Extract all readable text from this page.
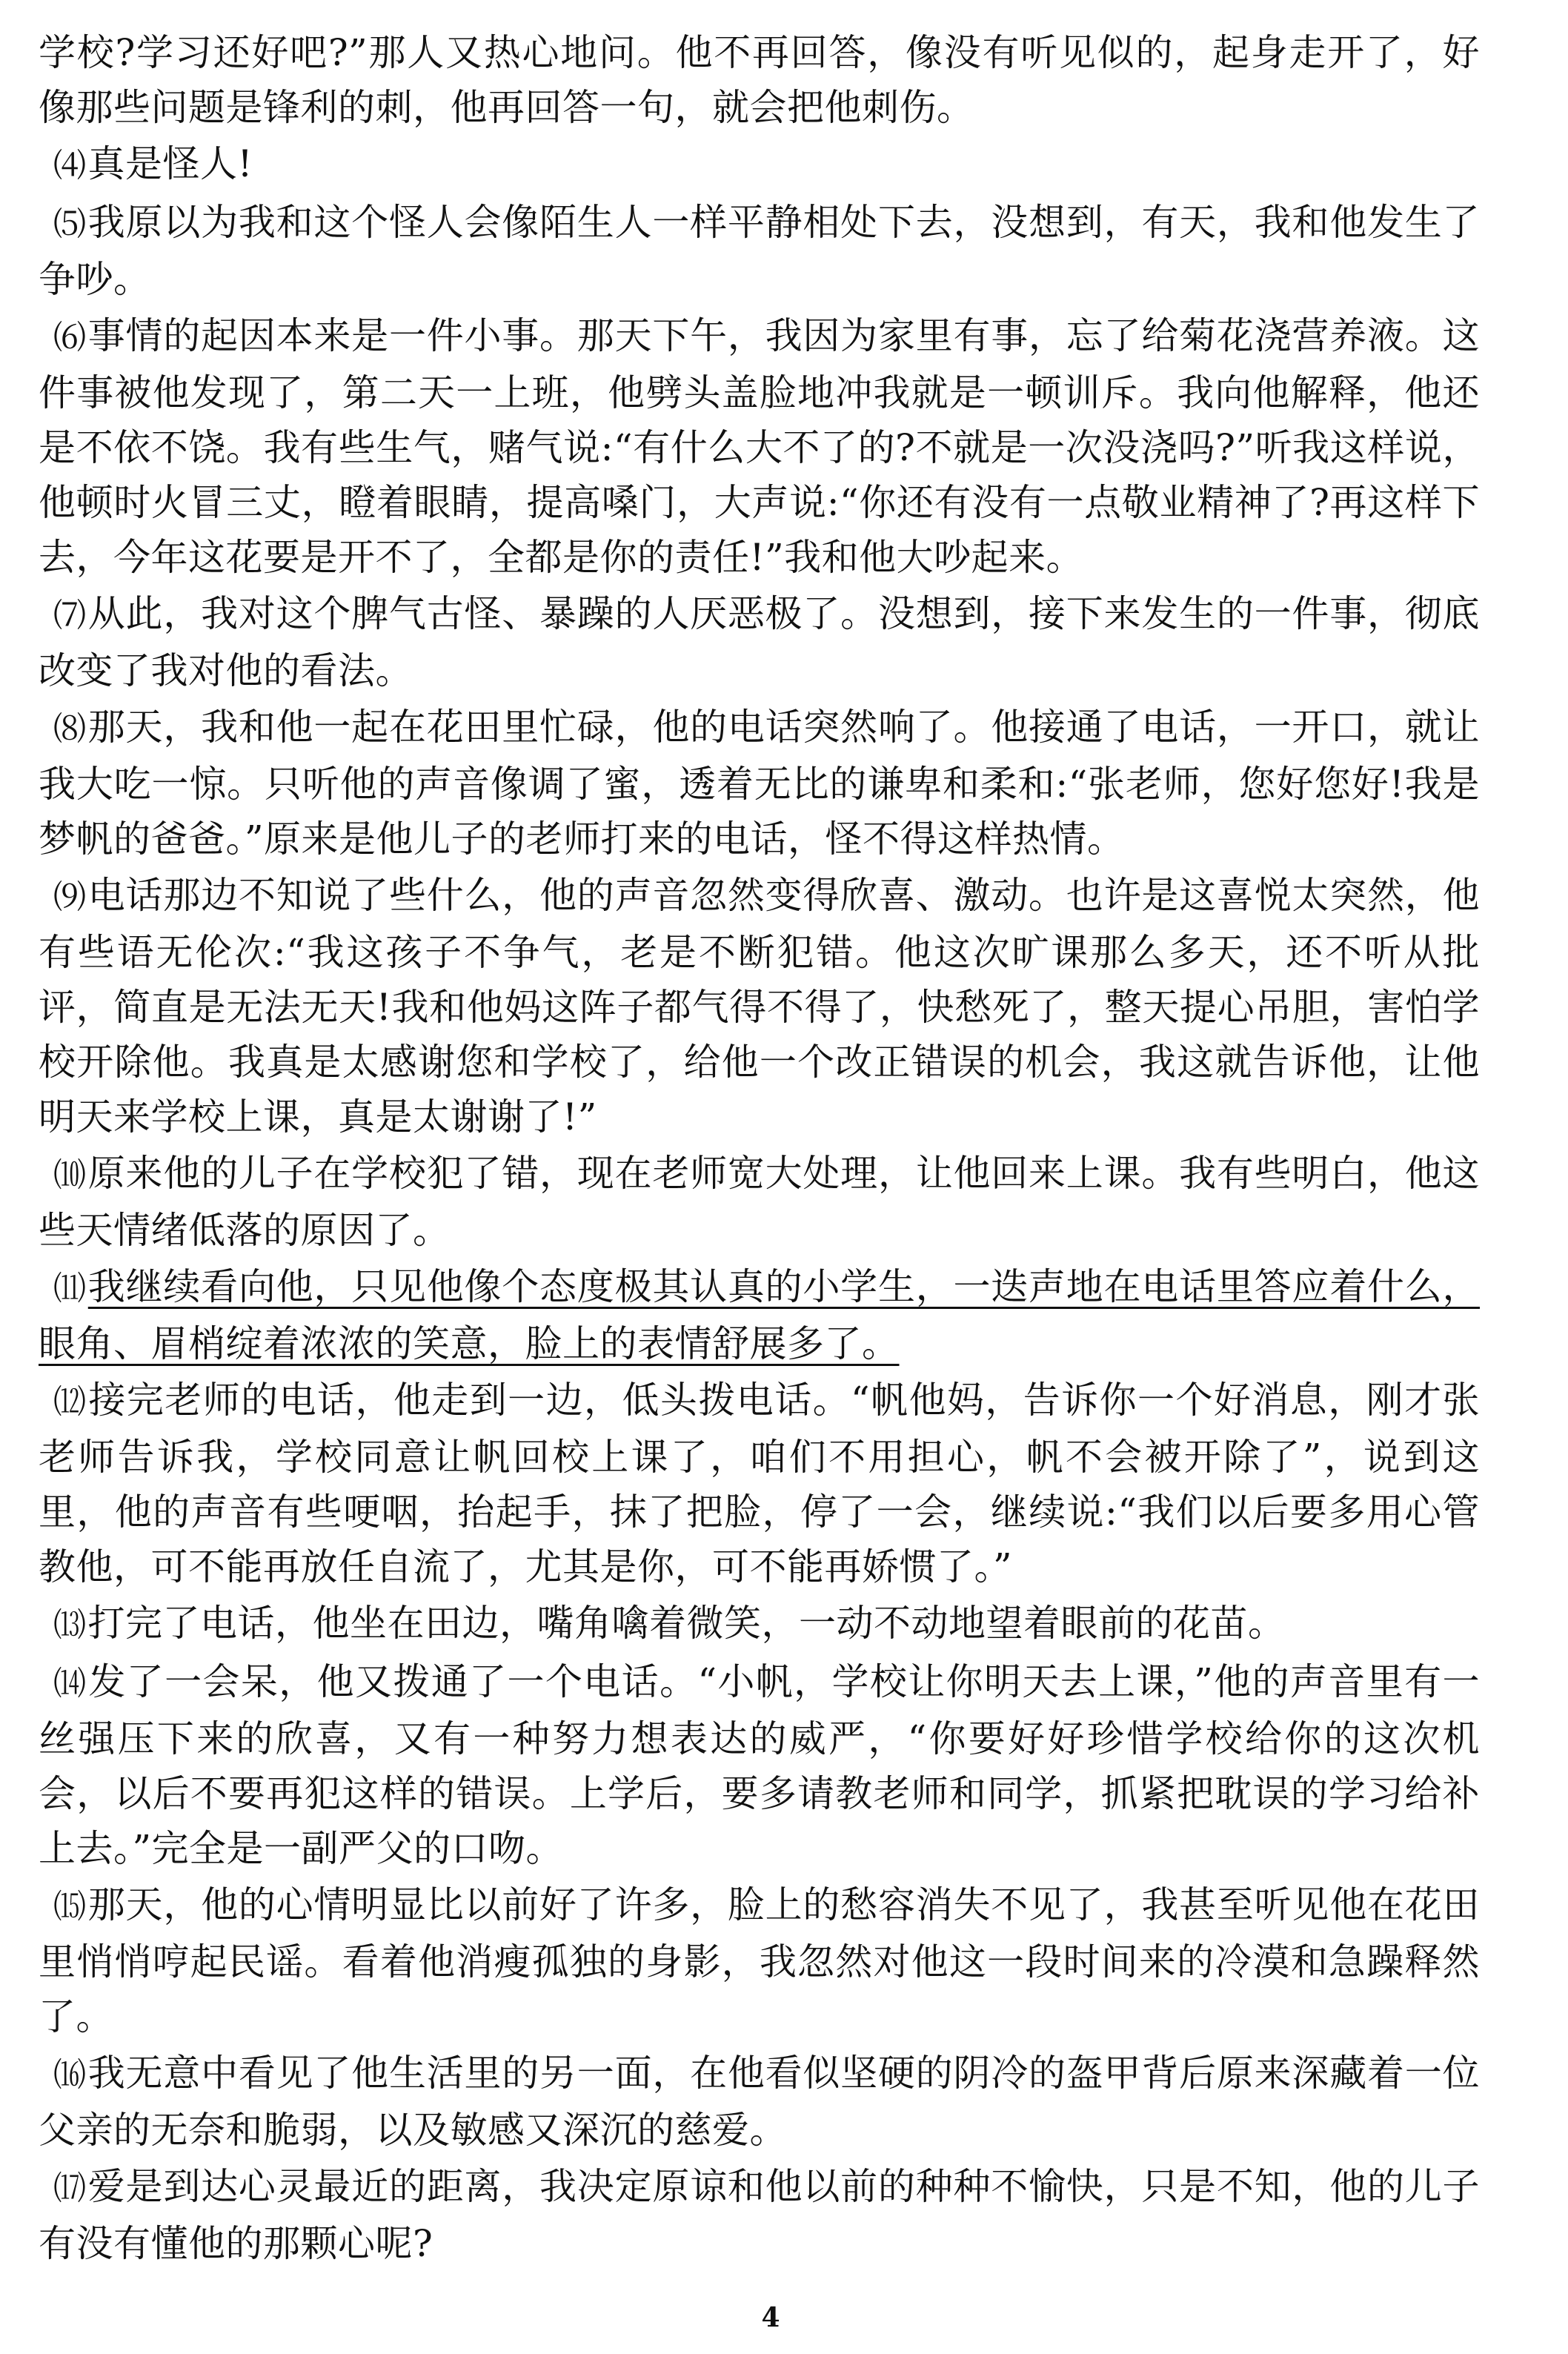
学校?学习还好吧?”那人又热心地问。他不再回答，像没有听见似的，起身走开了，好像那些问题是锋利的刺，他再回答一句，就会把他刺伤。

⑷真是怪人!

⑸我原以为我和这个怪人会像陌生人一样平静相处下去，没想到，有天，我和他发生了争吵。

⑹事情的起因本来是一件小事。那天下午，我因为家里有事，忘了给菊花浇营养液。这件事被他发现了，第二天一上班，他劈头盖脸地冲我就是一顿训斥。我向他解释，他还是不依不饶。我有些生气，赌气说:“有什么大不了的?不就是一次没浇吗?”听我这样说，他顿时火冒三丈，瞪着眼睛，提高嗓门，大声说:“你还有没有一点敬业精神了?再这样下去，今年这花要是开不了，全都是你的责任!”我和他大吵起来。

⑺从此，我对这个脾气古怪、暴躁的人厌恶极了。没想到，接下来发生的一件事，彻底改变了我对他的看法。

⑻那天，我和他一起在花田里忙碌，他的电话突然响了。他接通了电话，一开口，就让我大吃一惊。只听他的声音像调了蜜，透着无比的谦卑和柔和:“张老师，您好您好!我是梦帆的爸爸。”原来是他儿子的老师打来的电话，怪不得这样热情。

⑼电话那边不知说了些什么，他的声音忽然变得欣喜、激动。也许是这喜悦太突然，他有些语无伦次:“我这孩子不争气，老是不断犯错。他这次旷课那么多天，还不听从批评，简直是无法无天!我和他妈这阵子都气得不得了，快愁死了，整天提心吊胆，害怕学校开除他。我真是太感谢您和学校了，给他一个改正错误的机会，我这就告诉他，让他明天来学校上课，真是太谢谢了!”

⑽原来他的儿子在学校犯了错，现在老师宽大处理，让他回来上课。我有些明白，他这些天情绪低落的原因了。

⑾我继续看向他，只见他像个态度极其认真的小学生，一迭声地在电话里答应着什么，眼角、眉梢绽着浓浓的笑意，脸上的表情舒展多了。

⑿接完老师的电话，他走到一边，低头拨电话。“帆他妈，告诉你一个好消息，刚才张老师告诉我，学校同意让帆回校上课了，咱们不用担心，帆不会被开除了”，说到这里，他的声音有些哽咽，抬起手，抹了把脸，停了一会，继续说:“我们以后要多用心管教他，可不能再放任自流了，尤其是你，可不能再娇惯了。”

⒀打完了电话，他坐在田边，嘴角噙着微笑，一动不动地望着眼前的花苗。

⒁发了一会呆，他又拨通了一个电话。“小帆，学校让你明天去上课，”他的声音里有一丝强压下来的欣喜，又有一种努力想表达的威严，“你要好好珍惜学校给你的这次机会，以后不要再犯这样的错误。上学后，要多请教老师和同学，抓紧把耽误的学习给补上去。”完全是一副严父的口吻。

⒂那天，他的心情明显比以前好了许多，脸上的愁容消失不见了，我甚至听见他在花田里悄悄哼起民谣。看着他消瘦孤独的身影，我忽然对他这一段时间来的冷漠和急躁释然了。

⒃我无意中看见了他生活里的另一面，在他看似坚硬的阴冷的盔甲背后原来深藏着一位父亲的无奈和脆弱，以及敏感又深沉的慈爱。

⒄爱是到达心灵最近的距离，我决定原谅和他以前的种种不愉快，只是不知，他的儿子有没有懂他的那颗心呢?

4
